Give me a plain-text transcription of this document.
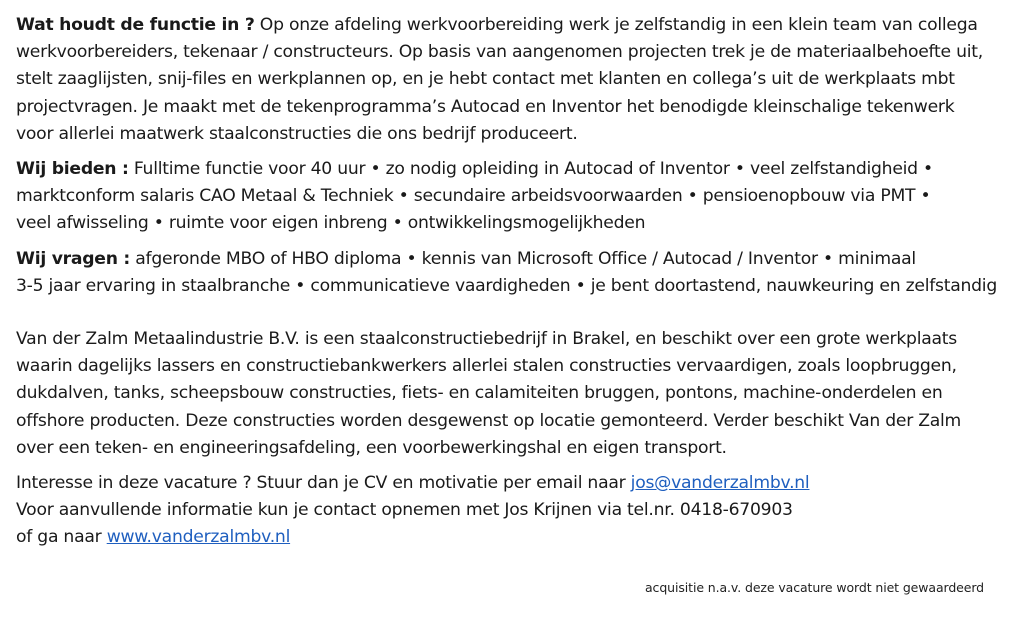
Wat houdt de functie in ? Op onze afdeling werkvoorbereiding werk je zelfstandig in een klein team van collega
werkvoorbereiders, tekenaar / constructeurs. Op basis van aangenomen projecten trek je de materiaalbehoefte uit,
stelt zaaglijsten, snij-files en werkplannen op, en je hebt contact met klanten en collega’s uit de werkplaats mbt
projectvragen. Je maakt met de tekenprogramma’s Autocad en Inventor het benodigde kleinschalige tekenwerk
voor allerlei maatwerk staalconstructies die ons bedrijf produceert.

Wij bieden : Fulltime functie voor 40 uur • zo nodig opleiding in Autocad of Inventor • veel zelfstandigheid •
marktconform salaris CAO Metaal & Techniek • secundaire arbeidsvoorwaarden • pensioenopbouw via PMT •
veel afwisseling • ruimte voor eigen inbreng • ontwikkelingsmogelijkheden

Wij vragen : afgeronde MBO of HBO diploma • kennis van Microsoft Office / Autocad / Inventor • minimaal
3-5 jaar ervaring in staalbranche • communicatieve vaardigheden • je bent doortastend, nauwkeuring en zelfstandig

Van der Zalm Metaalindustrie B.V. is een staalconstructiebedrijf in Brakel, en beschikt over een grote werkplaats
waarin dagelijks lassers en constructiebankwerkers allerlei stalen constructies vervaardigen, zoals loopbruggen,
dukdalven, tanks, scheepsbouw constructies, fiets- en calamiteiten bruggen, pontons, machine-onderdelen en
offshore producten. Deze constructies worden desgewenst op locatie gemonteerd. Verder beschikt Van der Zalm
over een teken- en engineeringsafdeling, een voorbewerkingshal en eigen transport.

Interesse in deze vacature ? Stuur dan je CV en motivatie per email naar jos@vanderzalmbv.nl
Voor aanvullende informatie kun je contact opnemen met Jos Krijnen via tel.nr. 0418-670903
of ga naar www.vanderzalmbv.nl

acquisitie n.a.v. deze vacature wordt niet gewaardeerd
